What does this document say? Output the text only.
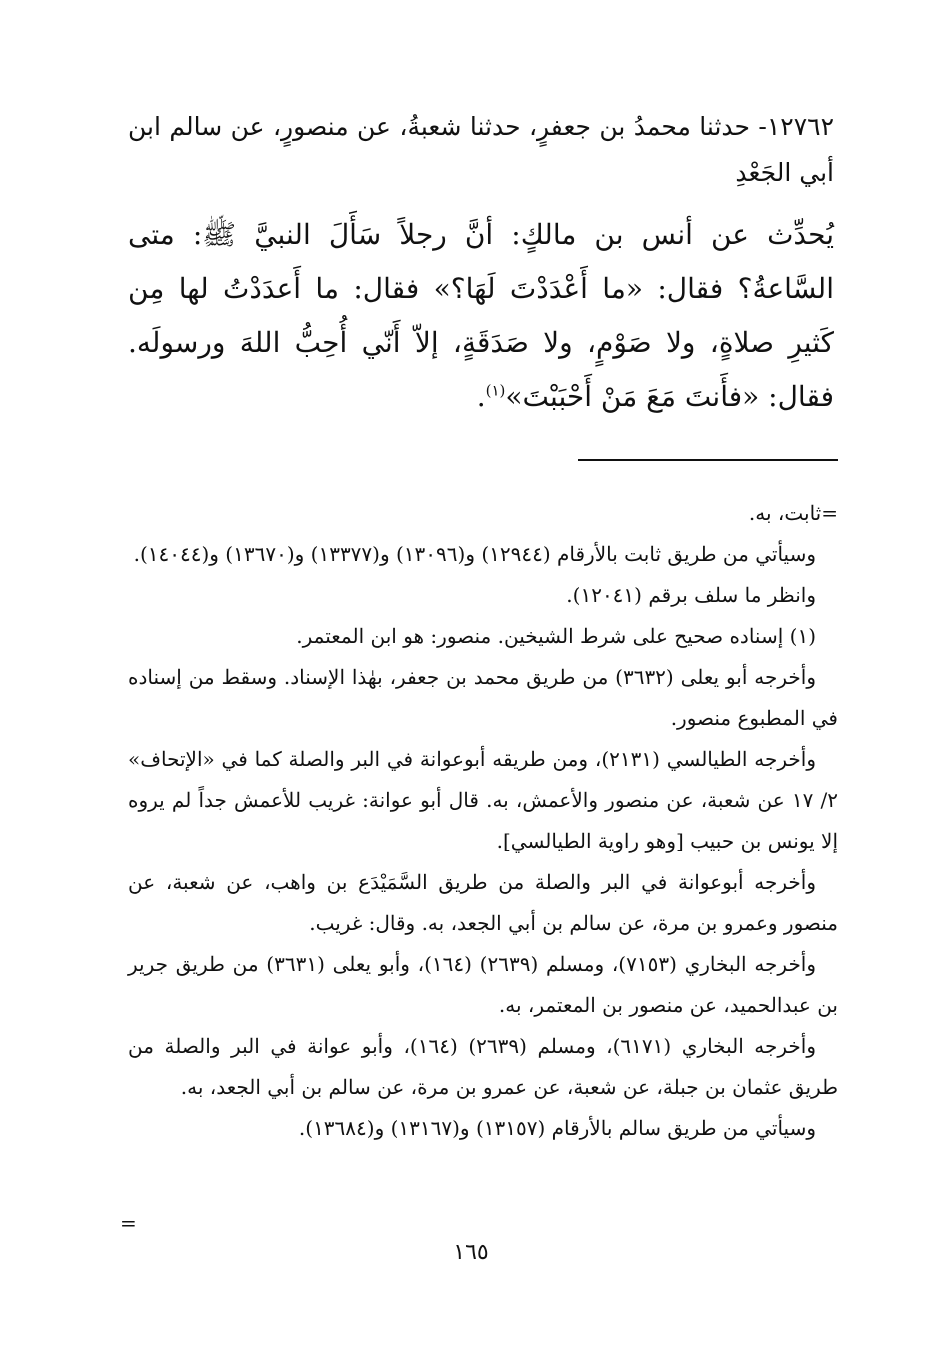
١٢٧٦٢- حدثنا محمدُ بن جعفرٍ، حدثنا شعبةُ، عن منصورٍ، عن سالم ابن أبي الجَعْدِ
يُحدِّث عن أنس بن مالكٍ: أنَّ رجلاً سَأَلَ النبيَّ ﷺ: متى السَّاعةُ؟ فقال: «ما أَعْدَدْتَ لَهَا؟» فقال: ما أَعدَدْتُ لها مِن كَثيرِ صلاةٍ، ولا صَوْمٍ، ولا صَدَقَةٍ، إلاّ أَنّي أُحِبُّ اللهَ ورسولَه. فقال: «فأَنتَ مَعَ مَنْ أَحْبَبْتَ»$^{(١)}$.

=ثابت، به.

وسيأتي من طريق ثابت بالأرقام (١٢٩٤٤) و(١٣٠٩٦) و(١٣٣٧٧) و(١٣٦٧٠) و(١٤٠٤٤).

وانظر ما سلف برقم (١٢٠٤١).

(١) إسناده صحيح على شرط الشيخين. منصور: هو ابن المعتمر.

وأخرجه أبو يعلى (٣٦٣٢) من طريق محمد بن جعفر، بهٰذا الإسناد. وسقط من إسناده في المطبوع منصور.

وأخرجه الطيالسي (٢١٣١)، ومن طريقه أبوعوانة في البر والصلة كما في «الإتحاف» ٢/ ١٧ عن شعبة، عن منصور والأعمش، به. قال أبو عوانة: غريب للأعمش جداً لم يروه إلا يونس بن حبيب [وهو راوية الطيالسي].

وأخرجه أبوعوانة في البر والصلة من طريق السَّمَيْدَع بن واهب، عن شعبة، عن منصور وعمرو بن مرة، عن سالم بن أبي الجعد، به. وقال: غريب.

وأخرجه البخاري (٧١٥٣)، ومسلم (٢٦٣٩) (١٦٤)، وأبو يعلى (٣٦٣١) من طريق جرير بن عبدالحميد، عن منصور بن المعتمر، به.

وأخرجه البخاري (٦١٧١)، ومسلم (٢٦٣٩) (١٦٤)، وأبو عوانة في البر والصلة من طريق عثمان بن جبلة، عن شعبة، عن عمرو بن مرة، عن سالم بن أبي الجعد، به.

وسيأتي من طريق سالم بالأرقام (١٣١٥٧) و(١٣١٦٧) و(١٣٦٨٤).

=
١٦٥
